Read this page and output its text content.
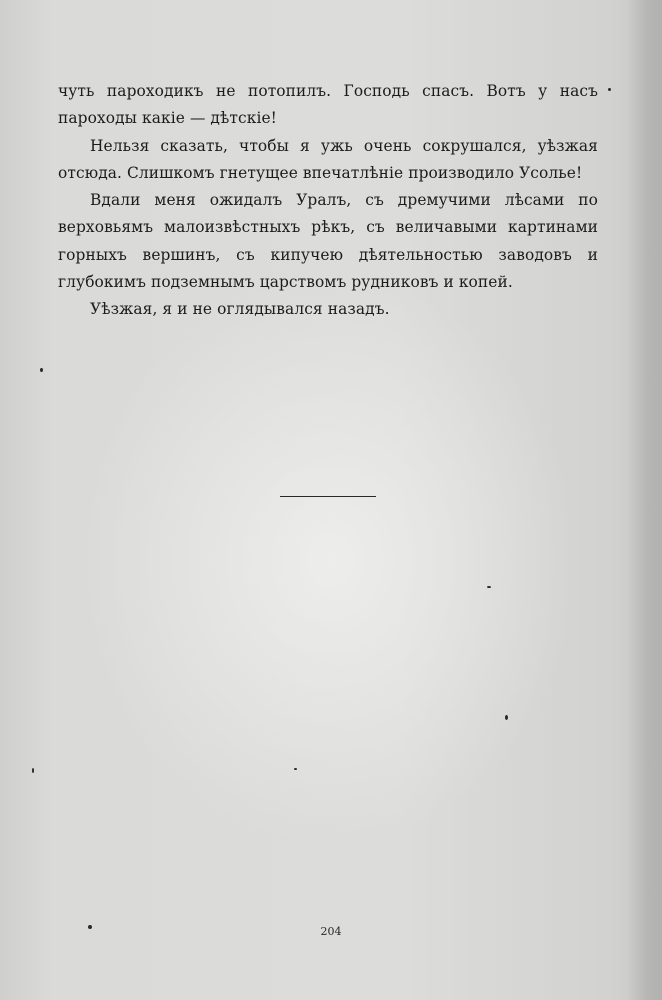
чуть пароходикъ не потопилъ. Господь спасъ. Вотъ у насъ пароходы какіе — дѣтскіе!

Нельзя сказать, чтобы я ужь очень сокрушался, уѣзжая отсюда. Слишкомъ гнетущее впечатлѣніе производило Усолье!

Вдали меня ожидалъ Уралъ, съ дремучими лѣсами по верховьямъ малоизвѣстныхъ рѣкъ, съ величавыми картинами горныхъ вершинъ, съ кипучею дѣятельностью заводовъ и глубокимъ подземнымъ царствомъ рудниковъ и копей.

Уѣзжая, я и не оглядывался назадъ.

204
